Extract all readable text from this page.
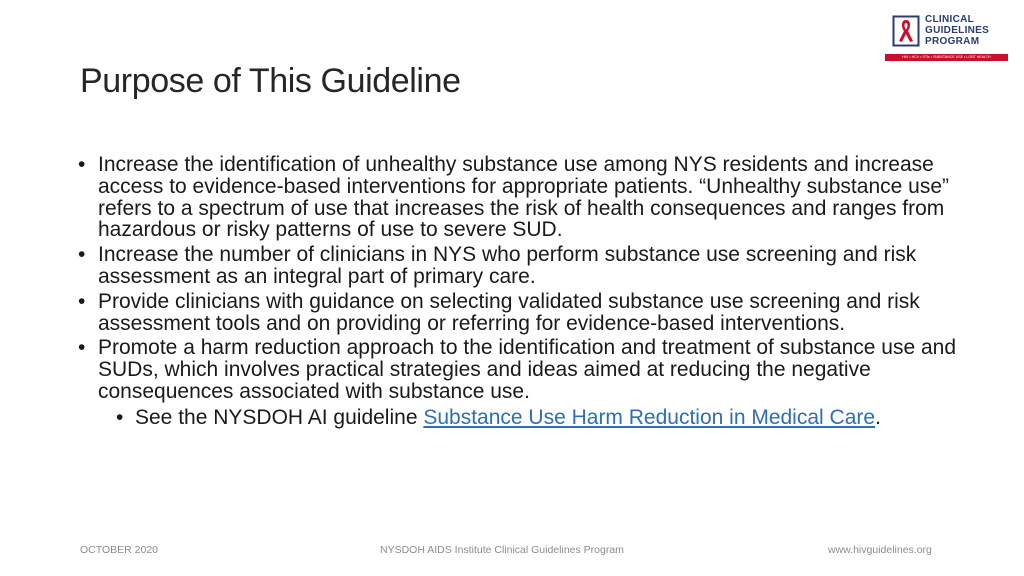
Purpose of This Guideline
CLINICAL
GUIDELINES
PROGRAM
HIV • HCV • STIs • SUBSTANCE USE • LGBT HEALTH
• Increase the identification of unhealthy substance use among NYS residents and increase access to evidence-based interventions for appropriate patients. “Unhealthy substance use” refers to a spectrum of use that increases the risk of health consequences and ranges from hazardous or risky patterns of use to severe SUD.
• Increase the number of clinicians in NYS who perform substance use screening and risk assessment as an integral part of primary care.
• Provide clinicians with guidance on selecting validated substance use screening and risk assessment tools and on providing or referring for evidence-based interventions.
• Promote a harm reduction approach to the identification and treatment of substance use and SUDs, which involves practical strategies and ideas aimed at reducing the negative consequences associated with substance use.
• See the NYSDOH AI guideline Substance Use Harm Reduction in Medical Care.
OCTOBER 2020	NYSDOH AIDS Institute Clinical Guidelines Program	www.hivguidelines.org
